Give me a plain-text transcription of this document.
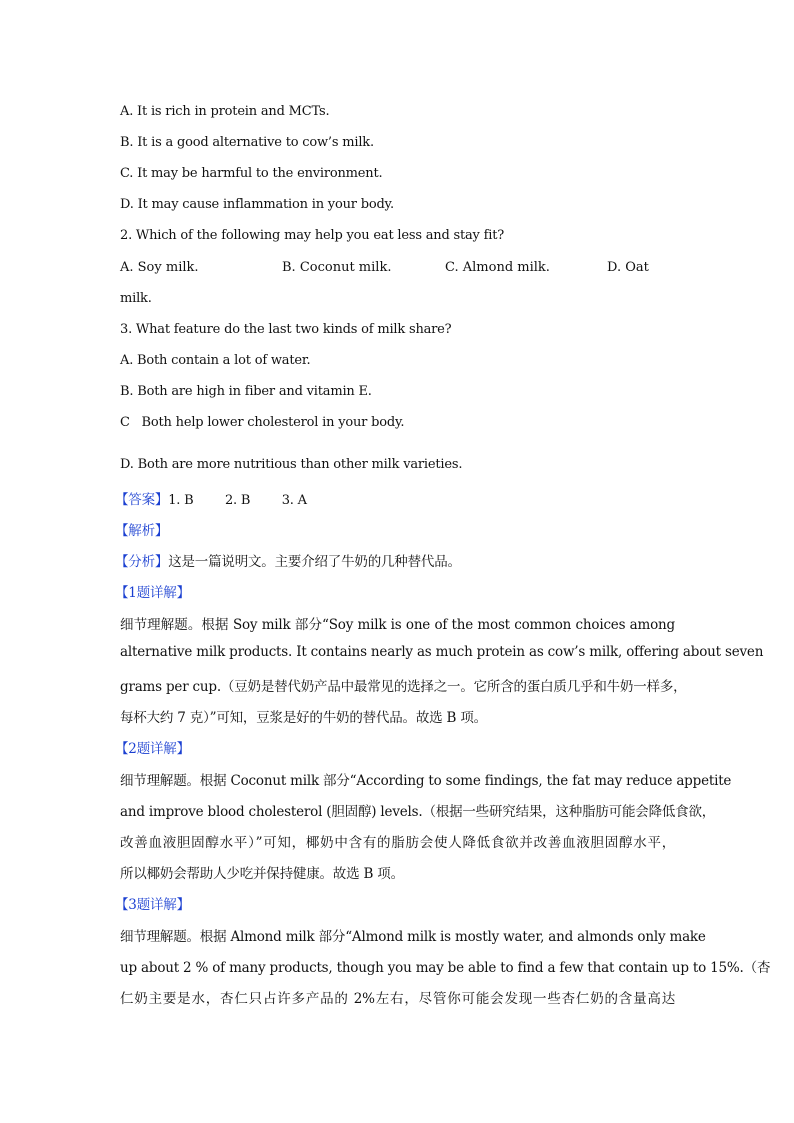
A. It is rich in protein and MCTs.
B. It is a good alternative to cow’s milk.
C. It may be harmful to the environment.
D. It may cause inflammation in your body.
2. Which of the following may help you eat less and stay fit?
A. Soy milk.	B. Coconut milk.	C. Almond milk.	D. Oat
milk.
3. What feature do the last two kinds of milk share?
A. Both contain a lot of water.
B. Both are high in fiber and vitamin E.
C   Both help lower cholesterol in your body.
D. Both are more nutritious than other milk varieties.
【答案】1. B        2. B        3. A
【解析】
【分析】这是一篇说明文。主要介绍了牛奶的几种替代品。
【1题详解】
细节理解题。根据 Soy milk 部分“Soy milk is one of the most common choices among
alternative milk products. It contains nearly as much protein as cow’s milk, offering about seven
grams per cup.（豆奶是替代奶产品中最常见的选择之一。它所含的蛋白质几乎和牛奶一样多，
每杯大约 7 克）”可知，豆浆是好的牛奶的替代品。故选 B 项。
【2题详解】
细节理解题。根据 Coconut milk 部分“According to some findings, the fat may reduce appetite
and improve blood cholesterol (胆固醇) levels.（根据一些研究结果，这种脂肪可能会降低食欲，
改善血液胆固醇水平）”可知，椰奶中含有的脂肪会使人降低食欲并改善血液胆固醇水平，
所以椰奶会帮助人少吃并保持健康。故选 B 项。
【3题详解】
细节理解题。根据 Almond milk 部分“Almond milk is mostly water, and almonds only make
up about 2 % of many products, though you may be able to find a few that contain up to 15%.（杏
仁奶主要是水，杏仁只占许多产品的 2%左右，尽管你可能会发现一些杏仁奶的含量高达
